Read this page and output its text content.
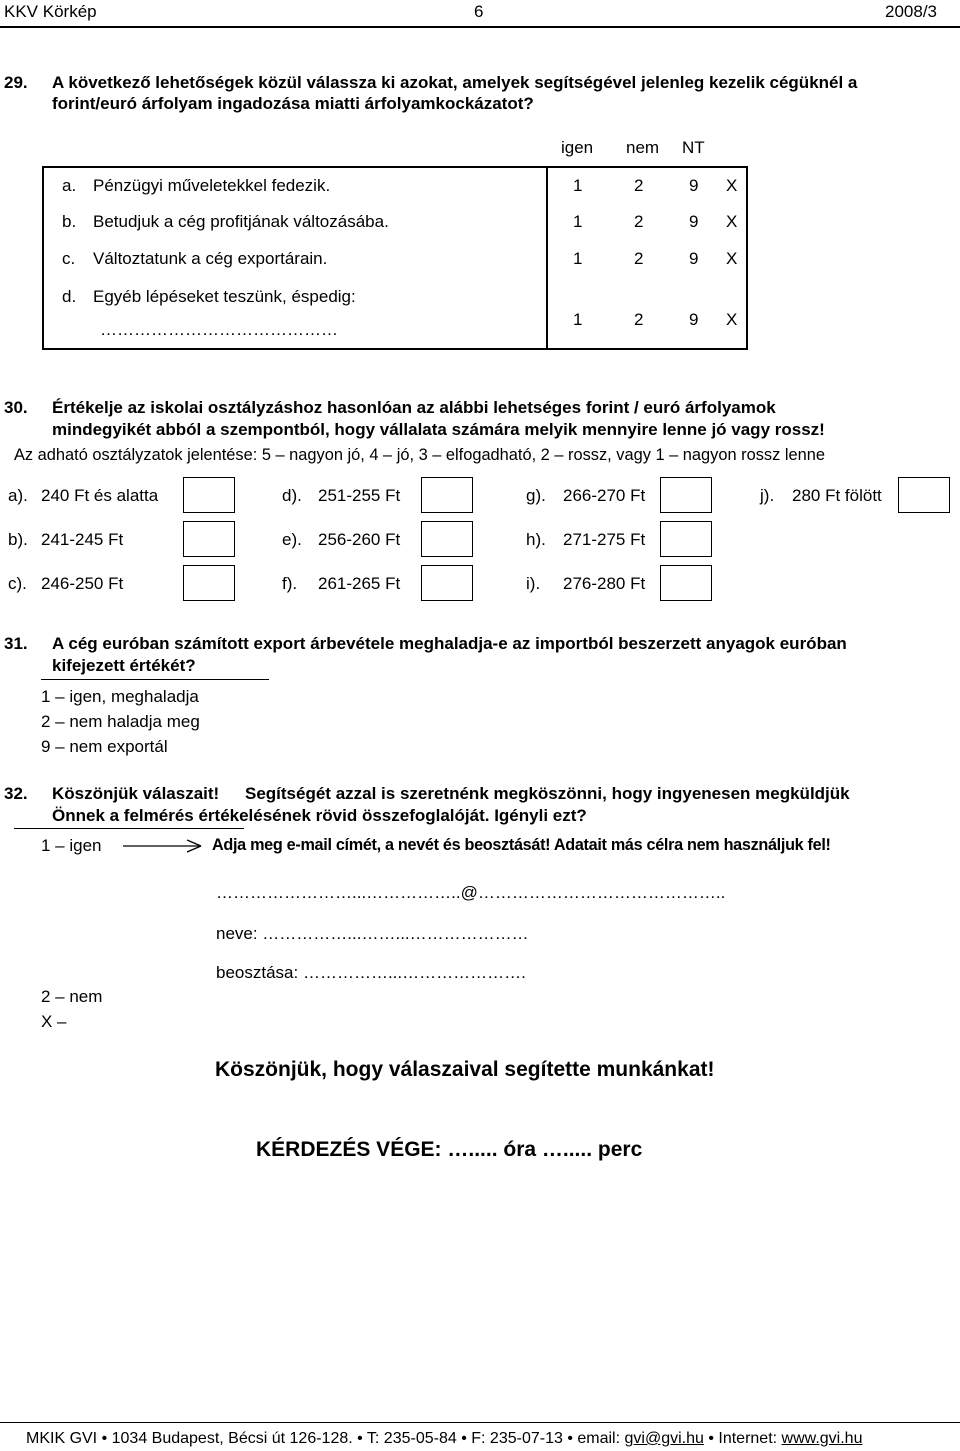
KKV Körkép	6	2008/3
29. A következő lehetőségek közül válassza ki azokat, amelyek segítségével jelenleg kezelik cégüknél a
forint/euró árfolyam ingadozása miatti árfolyamkockázatot?
igen nem NT
a. Pénzügyi műveletekkel fedezik.	1	2	9 X
b. Betudjuk a cég profitjának változásába.	1	2	9 X
c. Változtatunk a cég exportárain.	1	2	9 X
d. Egyéb lépéseket teszünk, éspedig:
……………………………………
1	2	9 X
30. Értékelje az iskolai osztályzáshoz hasonlóan az alábbi lehetséges forint / euró árfolyamok
mindegyikét abból a szempontból, hogy vállalata számára melyik mennyire lenne jó vagy rossz!
Az adható osztályzatok jelentése: 5 – nagyon jó, 4 – jó, 3 – elfogadható, 2 – rossz, vagy 1 – nagyon rossz lenne
a). 240 Ft és alatta
b). 241-245 Ft
c). 246-250 Ft
d). 251-255 Ft
e). 256-260 Ft
f). 261-265 Ft
g). 266-270 Ft
h). 271-275 Ft
i). 276-280 Ft
j). 280 Ft fölött
31. A cég euróban számított export árbevétele meghaladja-e az importból beszerzett anyagok euróban
kifejezett értékét?
1 – igen, meghaladja
2 – nem haladja meg
9 – nem exportál
32. Köszönjük válaszait! Segítségét azzal is szeretnénk megköszönni, hogy ingyenesen megküldjük
Önnek a felmérés értékelésének rövid összefoglalóját. Igényli ezt?
1 – igen	Adja meg e-mail címét, a nevét és beosztását! Adatait más célra nem használjuk fel!
……………………...……………..@……………………………………..
neve: ……………...……...…………………
beosztása: ……………...………………….
2 – nem
X –
Köszönjük, hogy válaszaival segítette munkánkat!
KÉRDEZÉS VÉGE: …..... óra …..... perc
MKIK GVI • 1034 Budapest, Bécsi út 126-128. • T: 235-05-84 • F: 235-07-13 • email: gvi@gvi.hu • Internet: www.gvi.hu
